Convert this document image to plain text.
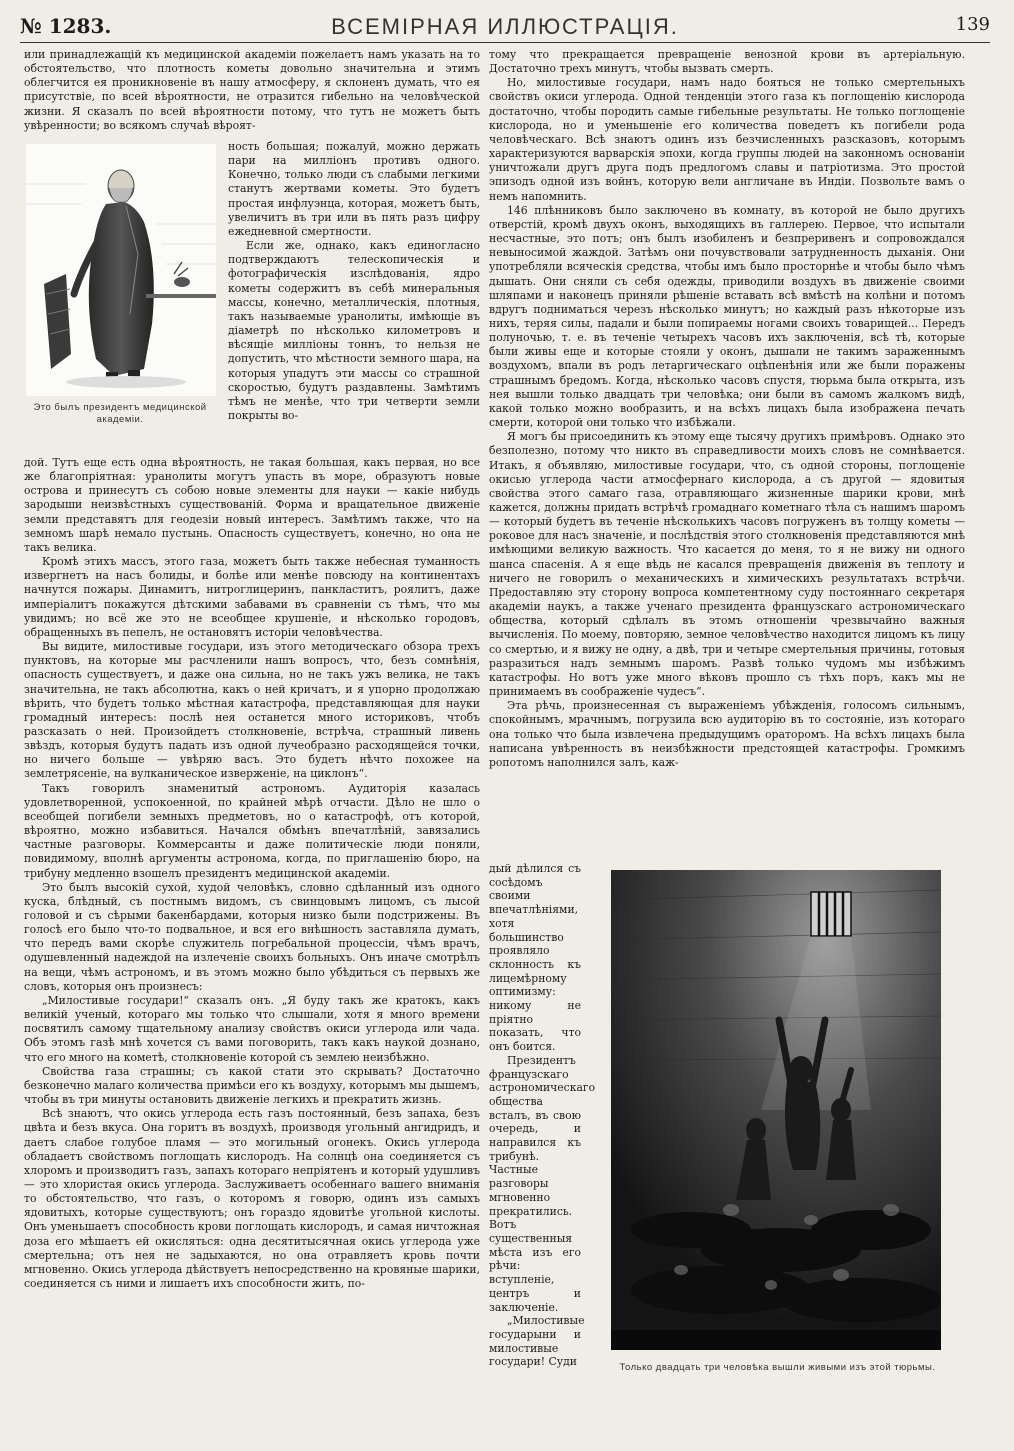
№ 1283.	ВСЕМІРНАЯ ИЛЛЮСТРАЦІЯ.	139

или принадлежащій къ медицинской академіи пожелаетъ намъ указать на то обстоятельство, что плотность кометы довольно значительна и этимъ облегчится ея проникновеніе въ нашу атмосферу, я склоненъ думать, что ея присутствіе, по всей вѣроятности, не отразится гибельно на человѣческой жизни. Я сказалъ по всей вѣроятности потому, что тутъ не можетъ быть увѣренности; во всякомъ случаѣ вѣроят-

Это былъ президентъ медицинской академіи.

ность большая; пожалуй, можно держать пари на милліонъ противъ одного. Конечно, только люди съ слабыми легкими станутъ жертвами кометы. Это будетъ простая инфлуэнца, которая, можетъ быть, увеличитъ въ три или въ пять разъ цифру ежедневной смертности.

Если же, однако, какъ единогласно подтверждаютъ телескопическія и фотографическія изслѣдованія, ядро кометы содержитъ въ себѣ минеральныя массы, конечно, металлическія, плотныя, такъ называемые уранолиты, имѣющіе въ діаметрѣ по нѣсколько километровъ и вѣсящіе милліоны тоннъ, то нельзя не допустить, что мѣстности земного шара, на которыя упадутъ эти массы со страшной скоростью, будутъ раздавлены. Замѣтимъ тѣмъ не менѣе, что три четверти земли покрыты во-

дой. Тутъ еще есть одна вѣроятность, не такая большая, какъ первая, но все же благопріятная: уранолиты могутъ упасть въ море, образуютъ новые острова и принесутъ съ собою новые элементы для науки — какіе нибудь зародыши неизвѣстныхъ существованій. Форма и вращательное движеніе земли представятъ для геодезіи новый интересъ. Замѣтимъ также, что на земномъ шарѣ немало пустынь. Опасность существуетъ, конечно, но она не такъ велика.

Кромѣ этихъ массъ, этого газа, можетъ быть также небесная туманность извергнетъ на насъ болиды, и болѣе или менѣе повсюду на континентахъ начнутся пожары. Динамитъ, нитроглицеринъ, панкластитъ, роялитъ, даже имперіалитъ покажутся дѣтскими забавами въ сравненіи съ тѣмъ, что мы увидимъ; но всё же это не всеобщее крушеніе, и нѣсколько городовъ, обращенныхъ въ пепелъ, не остановятъ исторіи человѣчества.

Вы видите, милостивые государи, изъ этого методическаго обзора трехъ пунктовъ, на которые мы расчленили нашъ вопросъ, что, безъ сомнѣнія, опасность существуетъ, и даже она сильна, но не такъ ужъ велика, не такъ значительна, не такъ абсолютна, какъ о ней кричатъ, и я упорно продолжаю вѣрить, что будетъ только мѣстная катастрофа, представляющая для науки громадный интересъ: послѣ нея останется много историковъ, чтобъ разсказать о ней. Произойдетъ столкновеніе, встрѣча, страшный ливень звѣздъ, которыя будутъ падать изъ одной лучеобразно расходящейся точки, но ничего больше — увѣряю васъ. Это будетъ нѣчто похожее на землетрясеніе, на вулканическое изверженіе, на циклонъ“.

Такъ говорилъ знаменитый астрономъ. Аудиторія казалась удовлетворенной, успокоенной, по крайней мѣрѣ отчасти. Дѣло не шло о всеобщей погибели земныхъ предметовъ, но о катастрофѣ, отъ которой, вѣроятно, можно избавиться. Начался обмѣнъ впечатлѣній, завязались частные разговоры. Коммерсанты и даже политическіе люди поняли, повидимому, вполнѣ аргументы астронома, когда, по приглашенію бюро, на трибуну медленно взошелъ президентъ медицинской академіи.

Это былъ высокій сухой, худой человѣкъ, словно сдѣланный изъ одного куска, блѣдный, съ постнымъ видомъ, съ свинцовымъ лицомъ, съ лысой головой и съ сѣрыми бакенбардами, которыя низко были подстрижены. Въ голосѣ его было что-то подвальное, и вся его внѣшность заставляла думать, что передъ вами скорѣе служитель погребальной процессіи, чѣмъ врачъ, одушевленный надеждой на излеченіе своихъ больныхъ. Онъ иначе смотрѣлъ на вещи, чѣмъ астрономъ, и въ этомъ можно было убѣдиться съ первыхъ же словъ, которыя онъ произнесъ:

„Милостивые государи!“ сказалъ онъ. „Я буду такъ же кратокъ, какъ великій ученый, котораго мы только что слышали, хотя я много времени посвятилъ самому тщательному анализу свойствъ окиси углерода или чада. Объ этомъ газѣ мнѣ хочется съ вами поговорить, такъ какъ наукой дознано, что его много на кометѣ, столкновеніе которой съ землею неизбѣжно.

Свойства газа страшны; съ какой стати это скрывать? Достаточно безконечно малаго количества примѣси его къ воздуху, которымъ мы дышемъ, чтобы въ три минуты остановить движеніе легкихъ и прекратить жизнь.

Всѣ знаютъ, что окись углерода есть газъ постоянный, безъ запаха, безъ цвѣта и безъ вкуса. Она горитъ въ воздухѣ, производя угольный ангидридъ, и даетъ слабое голубое пламя — это могильный огонекъ. Окись углерода обладаетъ свойствомъ поглощать кислородъ. На солнцѣ она соединяется съ хлоромъ и производитъ газъ, запахъ котораго непріятенъ и который удушливъ — это хлористая окись углерода. Заслуживаетъ особеннаго вашего вниманія то обстоятельство, что газъ, о которомъ я говорю, одинъ изъ самыхъ ядовитыхъ, которые существуютъ; онъ гораздо ядовитѣе угольной кислоты. Онъ уменьшаетъ способность крови поглощать кислородъ, и самая ничтожная доза его мѣшаетъ ей окисляться: одна десятитысячная окись углерода уже смертельна; отъ нея не задыхаются, но она отравляетъ кровь почти мгновенно. Окись углерода дѣйствуетъ непосредственно на кровяные шарики, соединяется съ ними и лишаетъ ихъ способности жить, по-

тому что прекращается превращеніе венозной крови въ артеріальную. Достаточно трехъ минутъ, чтобы вызвать смерть.

Но, милостивые государи, намъ надо бояться не только смертельныхъ свойствъ окиси углерода. Одной тенденціи этого газа къ поглощенію кислорода достаточно, чтобы породить самые гибельные результаты. Не только поглощеніе кислорода, но и уменьшеніе его количества поведетъ къ погибели рода человѣческаго. Всѣ знаютъ одинъ изъ безчисленныхъ разсказовъ, которымъ характеризуются варварскія эпохи, когда группы людей на законномъ основаніи уничтожали другъ друга подъ предлогомъ славы и патріотизма. Это простой эпизодъ одной изъ войнъ, которую вели англичане въ Индіи. Позвольте вамъ о немъ напомнить.

146 плѣнниковъ было заключено въ комнату, въ которой не было другихъ отверстій, кромѣ двухъ оконъ, выходящихъ въ галлерею. Первое, что испытали несчастные, это потъ; онъ былъ изобиленъ и безпреривенъ и сопровождался невыносимой жаждой. Затѣмъ они почувствовали затрудненность дыханія. Они употребляли всяческія средства, чтобы имъ было просторнѣе и чтобы было чѣмъ дышать. Они сняли съ себя одежды, приводили воздухъ въ движеніе своими шляпами и наконецъ приняли рѣшеніе вставать всѣ вмѣстѣ на колѣни и потомъ вдругъ подниматься черезъ нѣсколько минутъ; но каждый разъ нѣкоторые изъ нихъ, теряя силы, падали и были попираемы ногами своихъ товарищей... Передъ полуночью, т. е. въ теченіе четырехъ часовъ ихъ заключенія, всѣ тѣ, которые были живы еще и которые стояли у оконъ, дышали не такимъ зараженнымъ воздухомъ, впали въ родъ летаргическаго оцѣпенѣнія или же были поражены страшнымъ бредомъ. Когда, нѣсколько часовъ спустя, тюрьма была открыта, изъ нея вышли только двадцать три человѣка; они были въ самомъ жалкомъ видѣ, какой только можно вообразить, и на всѣхъ лицахъ была изображена печать смерти, которой они только что избѣжали.

Я могъ бы присоединить къ этому еще тысячу другихъ примѣровъ. Однако это безполезно, потому что никто въ справедливости моихъ словъ не сомнѣвается. Итакъ, я объявляю, милостивые государи, что, съ одной стороны, поглощеніе окисью углерода части атмосфернаго кислорода, а съ другой — ядовитыя свойства этого самаго газа, отравляющаго жизненные шарики крови, мнѣ кажется, должны придать встрѣчѣ громаднаго кометнаго тѣла съ нашимъ шаромъ — который будетъ въ теченіе нѣсколькихъ часовъ погруженъ въ толщу кометы — роковое для насъ значеніе, и послѣдствія этого столкновенія представляются мнѣ имѣющими великую важность. Что касается до меня, то я не вижу ни одного шанса спасенія. А я еще вѣдь не касался превращенія движенія въ теплоту и ничего не говорилъ о механическихъ и химическихъ результатахъ встрѣчи. Предоставляю эту сторону вопроса компетентному суду постояннаго секретаря академіи наукъ, а также ученаго президента французскаго астрономическаго общества, который сдѣлалъ въ этомъ отношеніи чрезвычайно важныя вычисленія. По моему, повторяю, земное человѣчество находится лицомъ къ лицу со смертью, и я вижу не одну, а двѣ, три и четыре смертельныя причины, готовыя разразиться надъ земнымъ шаромъ. Развѣ только чудомъ мы избѣжимъ катастрофы. Но вотъ уже много вѣковъ прошло съ тѣхъ поръ, какъ мы не принимаемъ въ соображеніе чудесъ“.

Эта рѣчь, произнесенная съ выраженіемъ убѣжденія, голосомъ сильнымъ, спокойнымъ, мрачнымъ, погрузила всю аудиторію въ то состояніе, изъ котораго она только что была извлечена предыдущимъ ораторомъ. На всѣхъ лицахъ была написана увѣренность въ неизбѣжности предстоящей катастрофы. Громкимъ ропотомъ наполнился залъ, каж-

дый дѣлился съ сосѣдомъ своими впечатлѣніями, хотя большинство проявляло склонность къ лицемѣрному оптимизму: никому не пріятно показать, что онъ боится.

Президентъ французскаго астрономическаго общества всталъ, въ свою очередь, и направился къ трибунѣ. Частные разговоры мгновенно прекратились. Вотъ существенныя мѣста изъ его рѣчи: вступленіе, центръ и заключеніе.

„Милостивые государыни и милостивые государи! Суди	Только двадцать три человѣка вышли живыми изъ этой тюрьмы.
